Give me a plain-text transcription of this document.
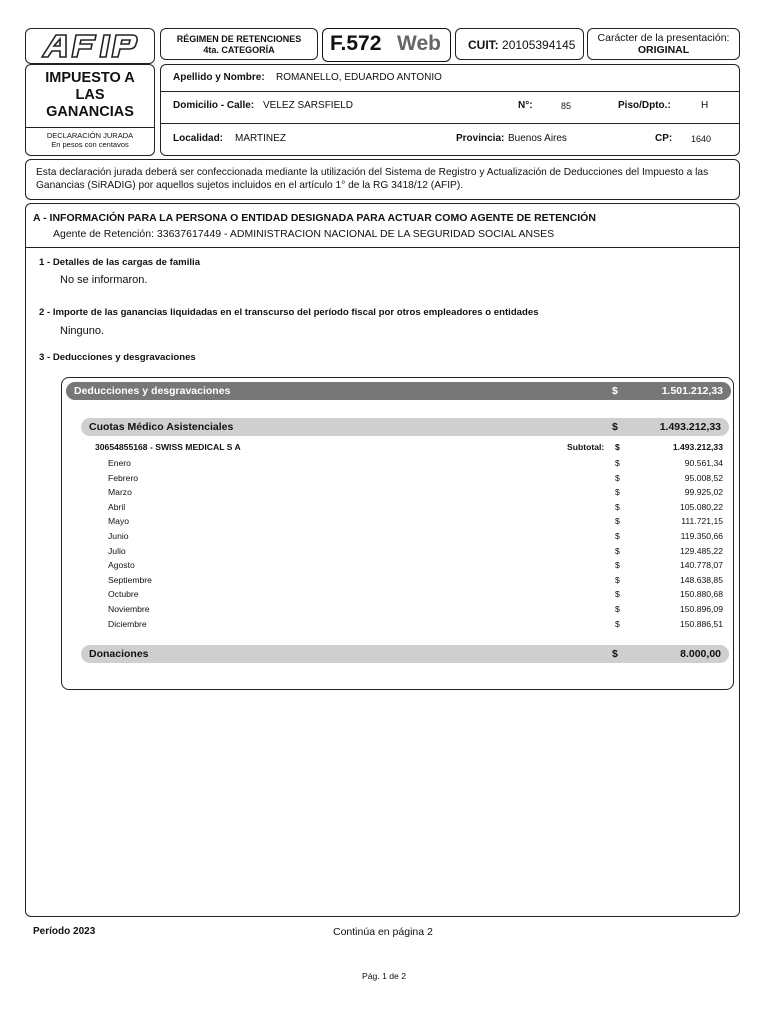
RÉGIMEN DE RETENCIONES
4ta. CATEGORÍA	F.572 Web	CUIT: 20105394145	Carácter de la presentación:
ORIGINAL
IMPUESTO A LAS GANANCIAS
DECLARACIÓN JURADA
En pesos con centavos
Apellido y Nombre: ROMANELLO, EDUARDO ANTONIO
Domicilio - Calle: VELEZ SARSFIELD	N°:	85	Piso/Dpto.:	H
Localidad: MARTINEZ	Provincia: Buenos Aires	CP: 1640
Esta declaración jurada deberá ser confeccionada mediante la utilización del Sistema de Registro y Actualización de Deducciones del Impuesto a las Ganancias (SiRADIG) por aquellos sujetos incluidos en el artículo 1° de la RG 3418/12 (AFIP).
A - INFORMACIÓN PARA LA PERSONA O ENTIDAD DESIGNADA PARA ACTUAR COMO AGENTE DE RETENCIÓN
Agente de Retención: 33637617449 - ADMINISTRACION NACIONAL DE LA SEGURIDAD SOCIAL ANSES
1 - Detalles de las cargas de familia
No se informaron.
2 - Importe de las ganancias liquidadas en el transcurso del período fiscal por otros empleadores o entidades
Ninguno.
3 - Deducciones y desgravaciones
Deducciones y desgravaciones	$	1.501.212,33
Cuotas Médico Asistenciales	$	1.493.212,33
30654855168 - SWISS MEDICAL S A	Subtotal: $	1.493.212,33
Enero	$	90.561,34
Febrero	$	95.008,52
Marzo	$	99.925,02
Abril	$	105.080,22
Mayo	$	111.721,15
Junio	$	119.350,66
Julio	$	129.485,22
Agosto	$	140.778,07
Septiembre	$	148.638,85
Octubre	$	150.880,68
Noviembre	$	150.896,09
Diciembre	$	150.886,51
Donaciones	$	8.000,00
Período 2023	Continúa en página 2
Pág. 1 de 2
